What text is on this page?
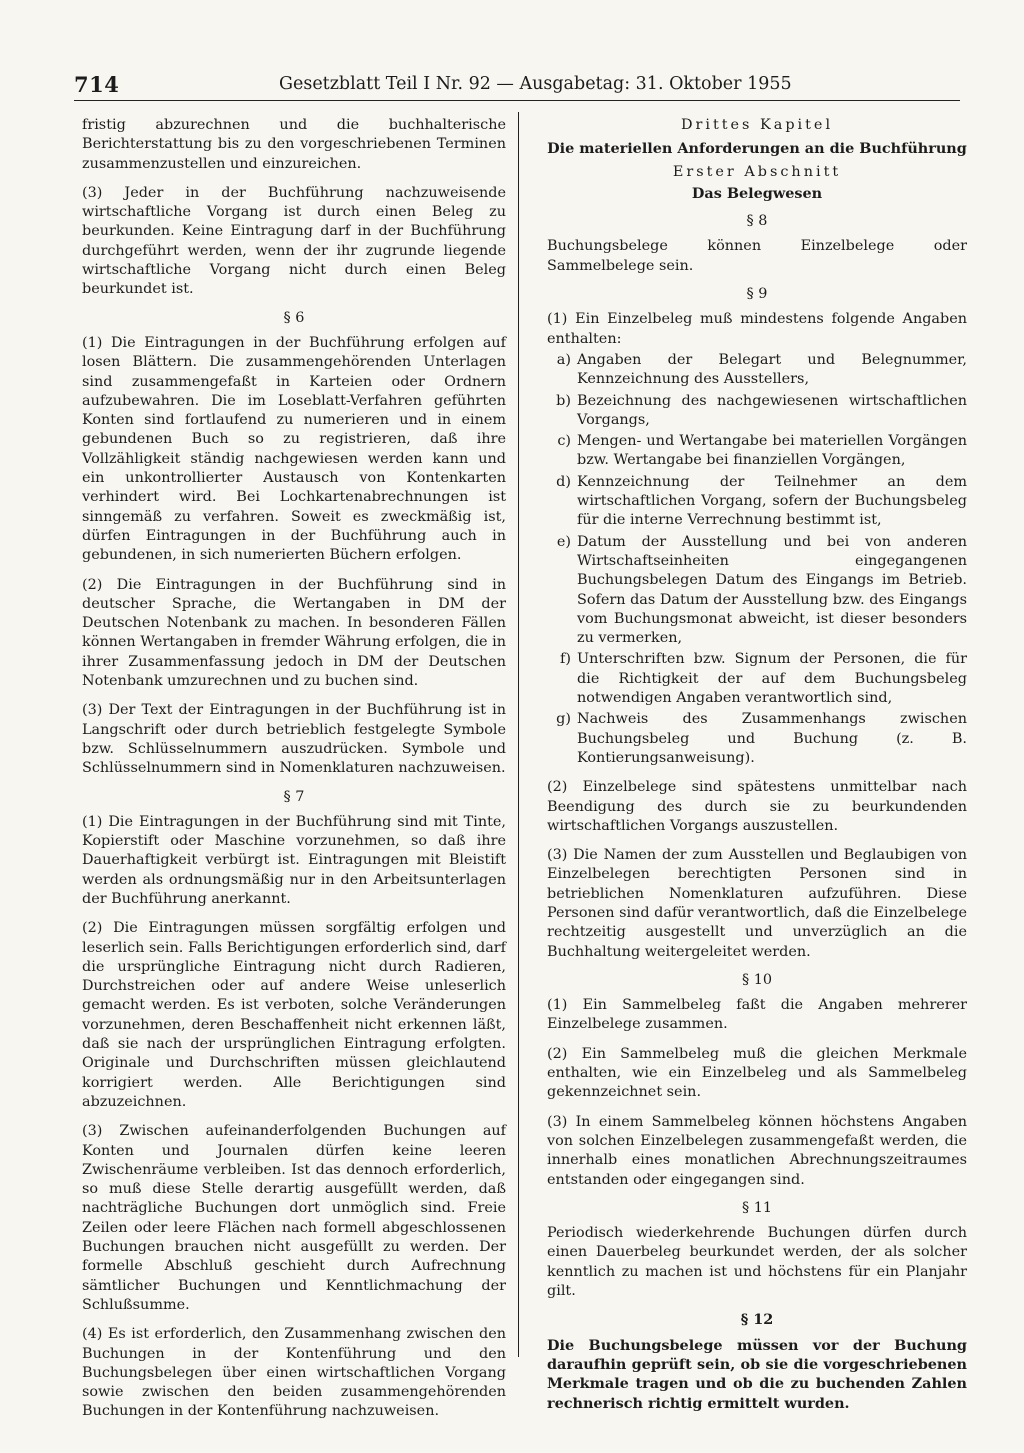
714	Gesetzblatt Teil I Nr. 92 — Ausgabetag: 31. Oktober 1955

fristig abzurechnen und die buchhalterische Berichterstattung bis zu den vorgeschriebenen Terminen zusammenzustellen und einzureichen.

(3) Jeder in der Buchführung nachzuweisende wirtschaftliche Vorgang ist durch einen Beleg zu beurkunden. Keine Eintragung darf in der Buchführung durchgeführt werden, wenn der ihr zugrunde liegende wirtschaftliche Vorgang nicht durch einen Beleg beurkundet ist.

§ 6

(1) Die Eintragungen in der Buchführung erfolgen auf losen Blättern. Die zusammengehörenden Unterlagen sind zusammengefaßt in Karteien oder Ordnern aufzubewahren. Die im Loseblatt-Verfahren geführten Konten sind fortlaufend zu numerieren und in einem gebundenen Buch so zu registrieren, daß ihre Vollzähligkeit ständig nachgewiesen werden kann und ein unkontrollierter Austausch von Kontenkarten verhindert wird. Bei Lochkartenabrechnungen ist sinngemäß zu verfahren. Soweit es zweckmäßig ist, dürfen Eintragungen in der Buchführung auch in gebundenen, in sich numerierten Büchern erfolgen.

(2) Die Eintragungen in der Buchführung sind in deutscher Sprache, die Wertangaben in DM der Deutschen Notenbank zu machen. In besonderen Fällen können Wertangaben in fremder Währung erfolgen, die in ihrer Zusammenfassung jedoch in DM der Deutschen Notenbank umzurechnen und zu buchen sind.

(3) Der Text der Eintragungen in der Buchführung ist in Langschrift oder durch betrieblich festgelegte Symbole bzw. Schlüsselnummern auszudrücken. Symbole und Schlüsselnummern sind in Nomenklaturen nachzuweisen.

§ 7

(1) Die Eintragungen in der Buchführung sind mit Tinte, Kopierstift oder Maschine vorzunehmen, so daß ihre Dauerhaftigkeit verbürgt ist. Eintragungen mit Bleistift werden als ordnungsmäßig nur in den Arbeitsunterlagen der Buchführung anerkannt.

(2) Die Eintragungen müssen sorgfältig erfolgen und leserlich sein. Falls Berichtigungen erforderlich sind, darf die ursprüngliche Eintragung nicht durch Radieren, Durchstreichen oder auf andere Weise unleserlich gemacht werden. Es ist verboten, solche Veränderungen vorzunehmen, deren Beschaffenheit nicht erkennen läßt, daß sie nach der ursprünglichen Eintragung erfolgten. Originale und Durchschriften müssen gleichlautend korrigiert werden. Alle Berichtigungen sind abzuzeichnen.

(3) Zwischen aufeinanderfolgenden Buchungen auf Konten und Journalen dürfen keine leeren Zwischenräume verbleiben. Ist das dennoch erforderlich, so muß diese Stelle derartig ausgefüllt werden, daß nachträgliche Buchungen dort unmöglich sind. Freie Zeilen oder leere Flächen nach formell abgeschlossenen Buchungen brauchen nicht ausgefüllt zu werden. Der formelle Abschluß geschieht durch Aufrechnung sämtlicher Buchungen und Kenntlichmachung der Schlußsumme.

(4) Es ist erforderlich, den Zusammenhang zwischen den Buchungen in der Kontenführung und den Buchungsbelegen über einen wirtschaftlichen Vorgang sowie zwischen den beiden zusammengehörenden Buchungen in der Kontenführung nachzuweisen.

Drittes Kapitel
Die materiellen Anforderungen an die Buchführung
Erster Abschnitt
Das Belegwesen
§ 8

Buchungsbelege können Einzelbelege oder Sammelbelege sein.

§ 9

(1) Ein Einzelbeleg muß mindestens folgende Angaben enthalten:

a) Angaben der Belegart und Belegnummer, Kennzeichnung des Ausstellers,
b) Bezeichnung des nachgewiesenen wirtschaftlichen Vorgangs,
c) Mengen- und Wertangabe bei materiellen Vorgängen bzw. Wertangabe bei finanziellen Vorgängen,
d) Kennzeichnung der Teilnehmer an dem wirtschaftlichen Vorgang, sofern der Buchungsbeleg für die interne Verrechnung bestimmt ist,
e) Datum der Ausstellung und bei von anderen Wirtschaftseinheiten eingegangenen Buchungsbelegen Datum des Eingangs im Betrieb. Sofern das Datum der Ausstellung bzw. des Eingangs vom Buchungsmonat abweicht, ist dieser besonders zu vermerken,
f) Unterschriften bzw. Signum der Personen, die für die Richtigkeit der auf dem Buchungsbeleg notwendigen Angaben verantwortlich sind,
g) Nachweis des Zusammenhangs zwischen Buchungsbeleg und Buchung (z. B. Kontierungsanweisung).

(2) Einzelbelege sind spätestens unmittelbar nach Beendigung des durch sie zu beurkundenden wirtschaftlichen Vorgangs auszustellen.

(3) Die Namen der zum Ausstellen und Beglaubigen von Einzelbelegen berechtigten Personen sind in betrieblichen Nomenklaturen aufzuführen. Diese Personen sind dafür verantwortlich, daß die Einzelbelege rechtzeitig ausgestellt und unverzüglich an die Buchhaltung weitergeleitet werden.

§ 10

(1) Ein Sammelbeleg faßt die Angaben mehrerer Einzelbelege zusammen.

(2) Ein Sammelbeleg muß die gleichen Merkmale enthalten, wie ein Einzelbeleg und als Sammelbeleg gekennzeichnet sein.

(3) In einem Sammelbeleg können höchstens Angaben von solchen Einzelbelegen zusammengefaßt werden, die innerhalb eines monatlichen Abrechnungszeitraumes entstanden oder eingegangen sind.

§ 11

Periodisch wiederkehrende Buchungen dürfen durch einen Dauerbeleg beurkundet werden, der als solcher kenntlich zu machen ist und höchstens für ein Planjahr gilt.

§ 12

Die Buchungsbelege müssen vor der Buchung daraufhin geprüft sein, ob sie die vorgeschriebenen Merkmale tragen und ob die zu buchenden Zahlen rechnerisch richtig ermittelt wurden.
